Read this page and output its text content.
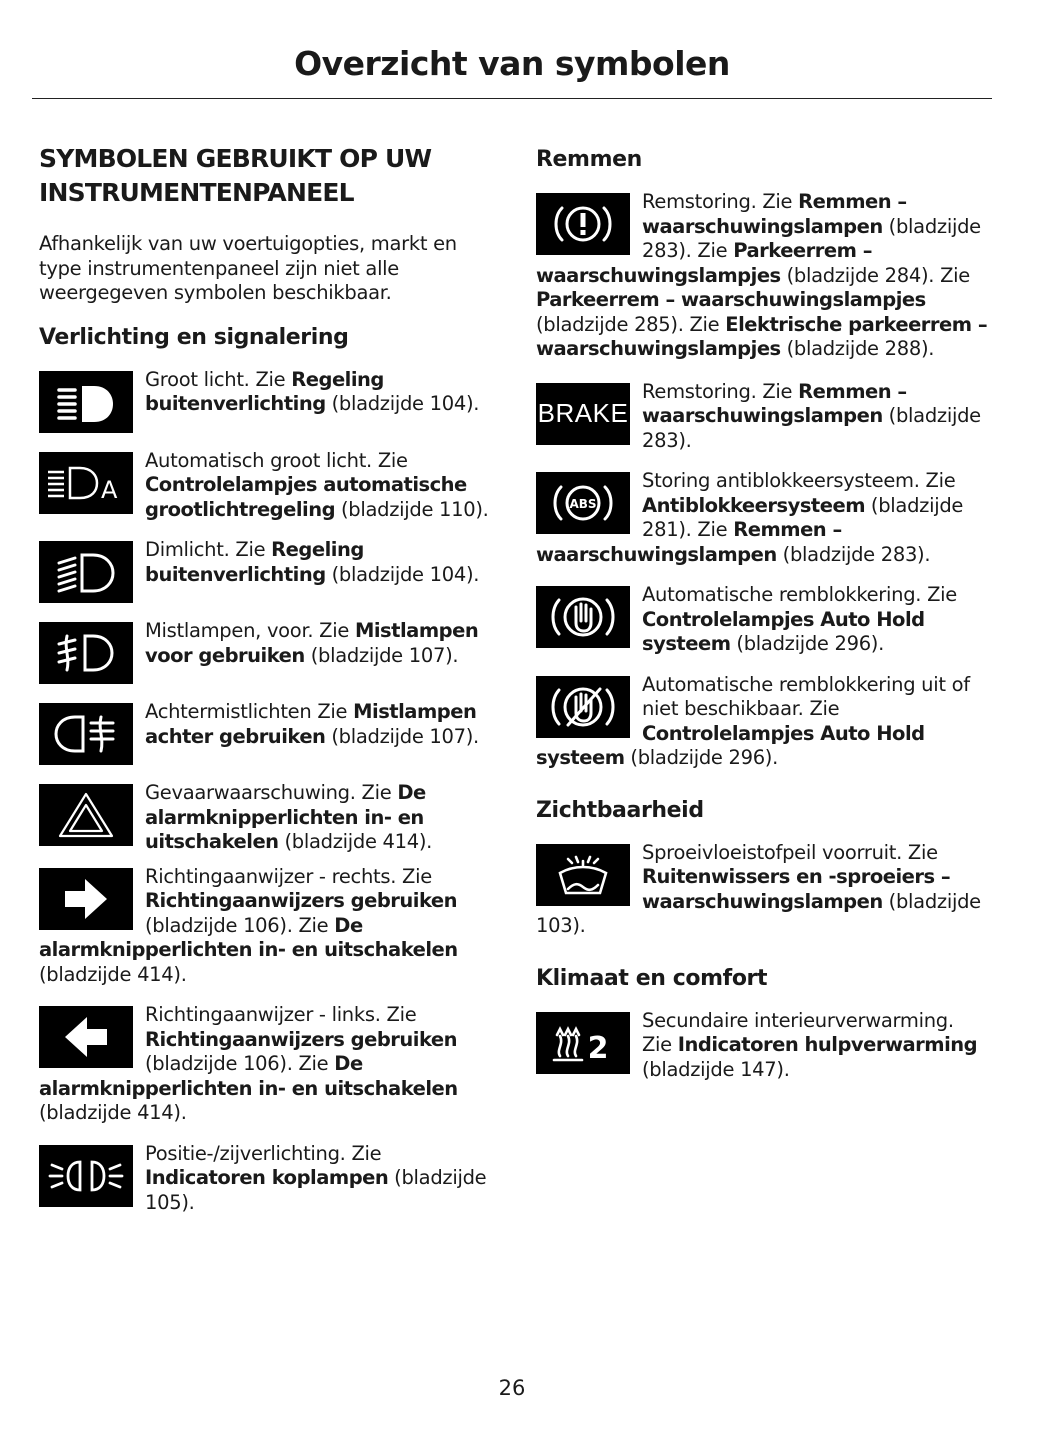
Overzicht van symbolen
SYMBOLEN GEBRUIKT OP UW
INSTRUMENTENPANEEL

Afhankelijk van uw voertuigopties, markt en type instrumentenpaneel zijn niet alle weergegeven symbolen beschikbaar.

Verlichting en signalering
Groot licht. Zie Regeling buitenverlichting (bladzijde 104).
A
Automatisch groot licht. Zie Controlelampjes automatische grootlichtregeling (bladzijde 110).
Dimlicht. Zie Regeling buitenverlichting (bladzijde 104).
Mistlampen, voor. Zie Mistlampen voor gebruiken (bladzijde 107).
Achtermistlichten Zie Mistlampen achter gebruiken (bladzijde 107).
Gevaarwaarschuwing. Zie De alarmknipperlichten in- en uitschakelen (bladzijde 414).
Richtingaanwijzer - rechts. Zie Richtingaanwijzers gebruiken (bladzijde 106). Zie De alarmknipperlichten in- en uitschakelen (bladzijde 414).
Richtingaanwijzer - links. Zie Richtingaanwijzers gebruiken (bladzijde 106). Zie De alarmknipperlichten in- en uitschakelen (bladzijde 414).
Positie-/zijverlichting. Zie Indicatoren koplampen (bladzijde 105).
Remmen
Remstoring. Zie Remmen – waarschuwingslampen (bladzijde 283). Zie Parkeerrem – waarschuwingslampjes (bladzijde 284). Zie Parkeerrem – waarschuwingslampjes (bladzijde 285). Zie Elektrische parkeerrem – waarschuwingslampjes (bladzijde 288).
BRAKE
Remstoring. Zie Remmen – waarschuwingslampen (bladzijde 283).
ABS
Storing antiblokkeersysteem. Zie Antiblokkeersysteem (bladzijde 281). Zie Remmen – waarschuwingslampen (bladzijde 283).
Automatische remblokkering. Zie Controlelampjes Auto Hold systeem (bladzijde 296).
Automatische remblokkering uit of niet beschikbaar. Zie Controlelampjes Auto Hold systeem (bladzijde 296).
Zichtbaarheid
Sproeivloeistofpeil voorruit. Zie Ruitenwissers en -sproeiers – waarschuwingslampen (bladzijde 103).
Klimaat en comfort
2
Secundaire interieurverwarming. Zie Indicatoren hulpverwarming (bladzijde 147).
26
